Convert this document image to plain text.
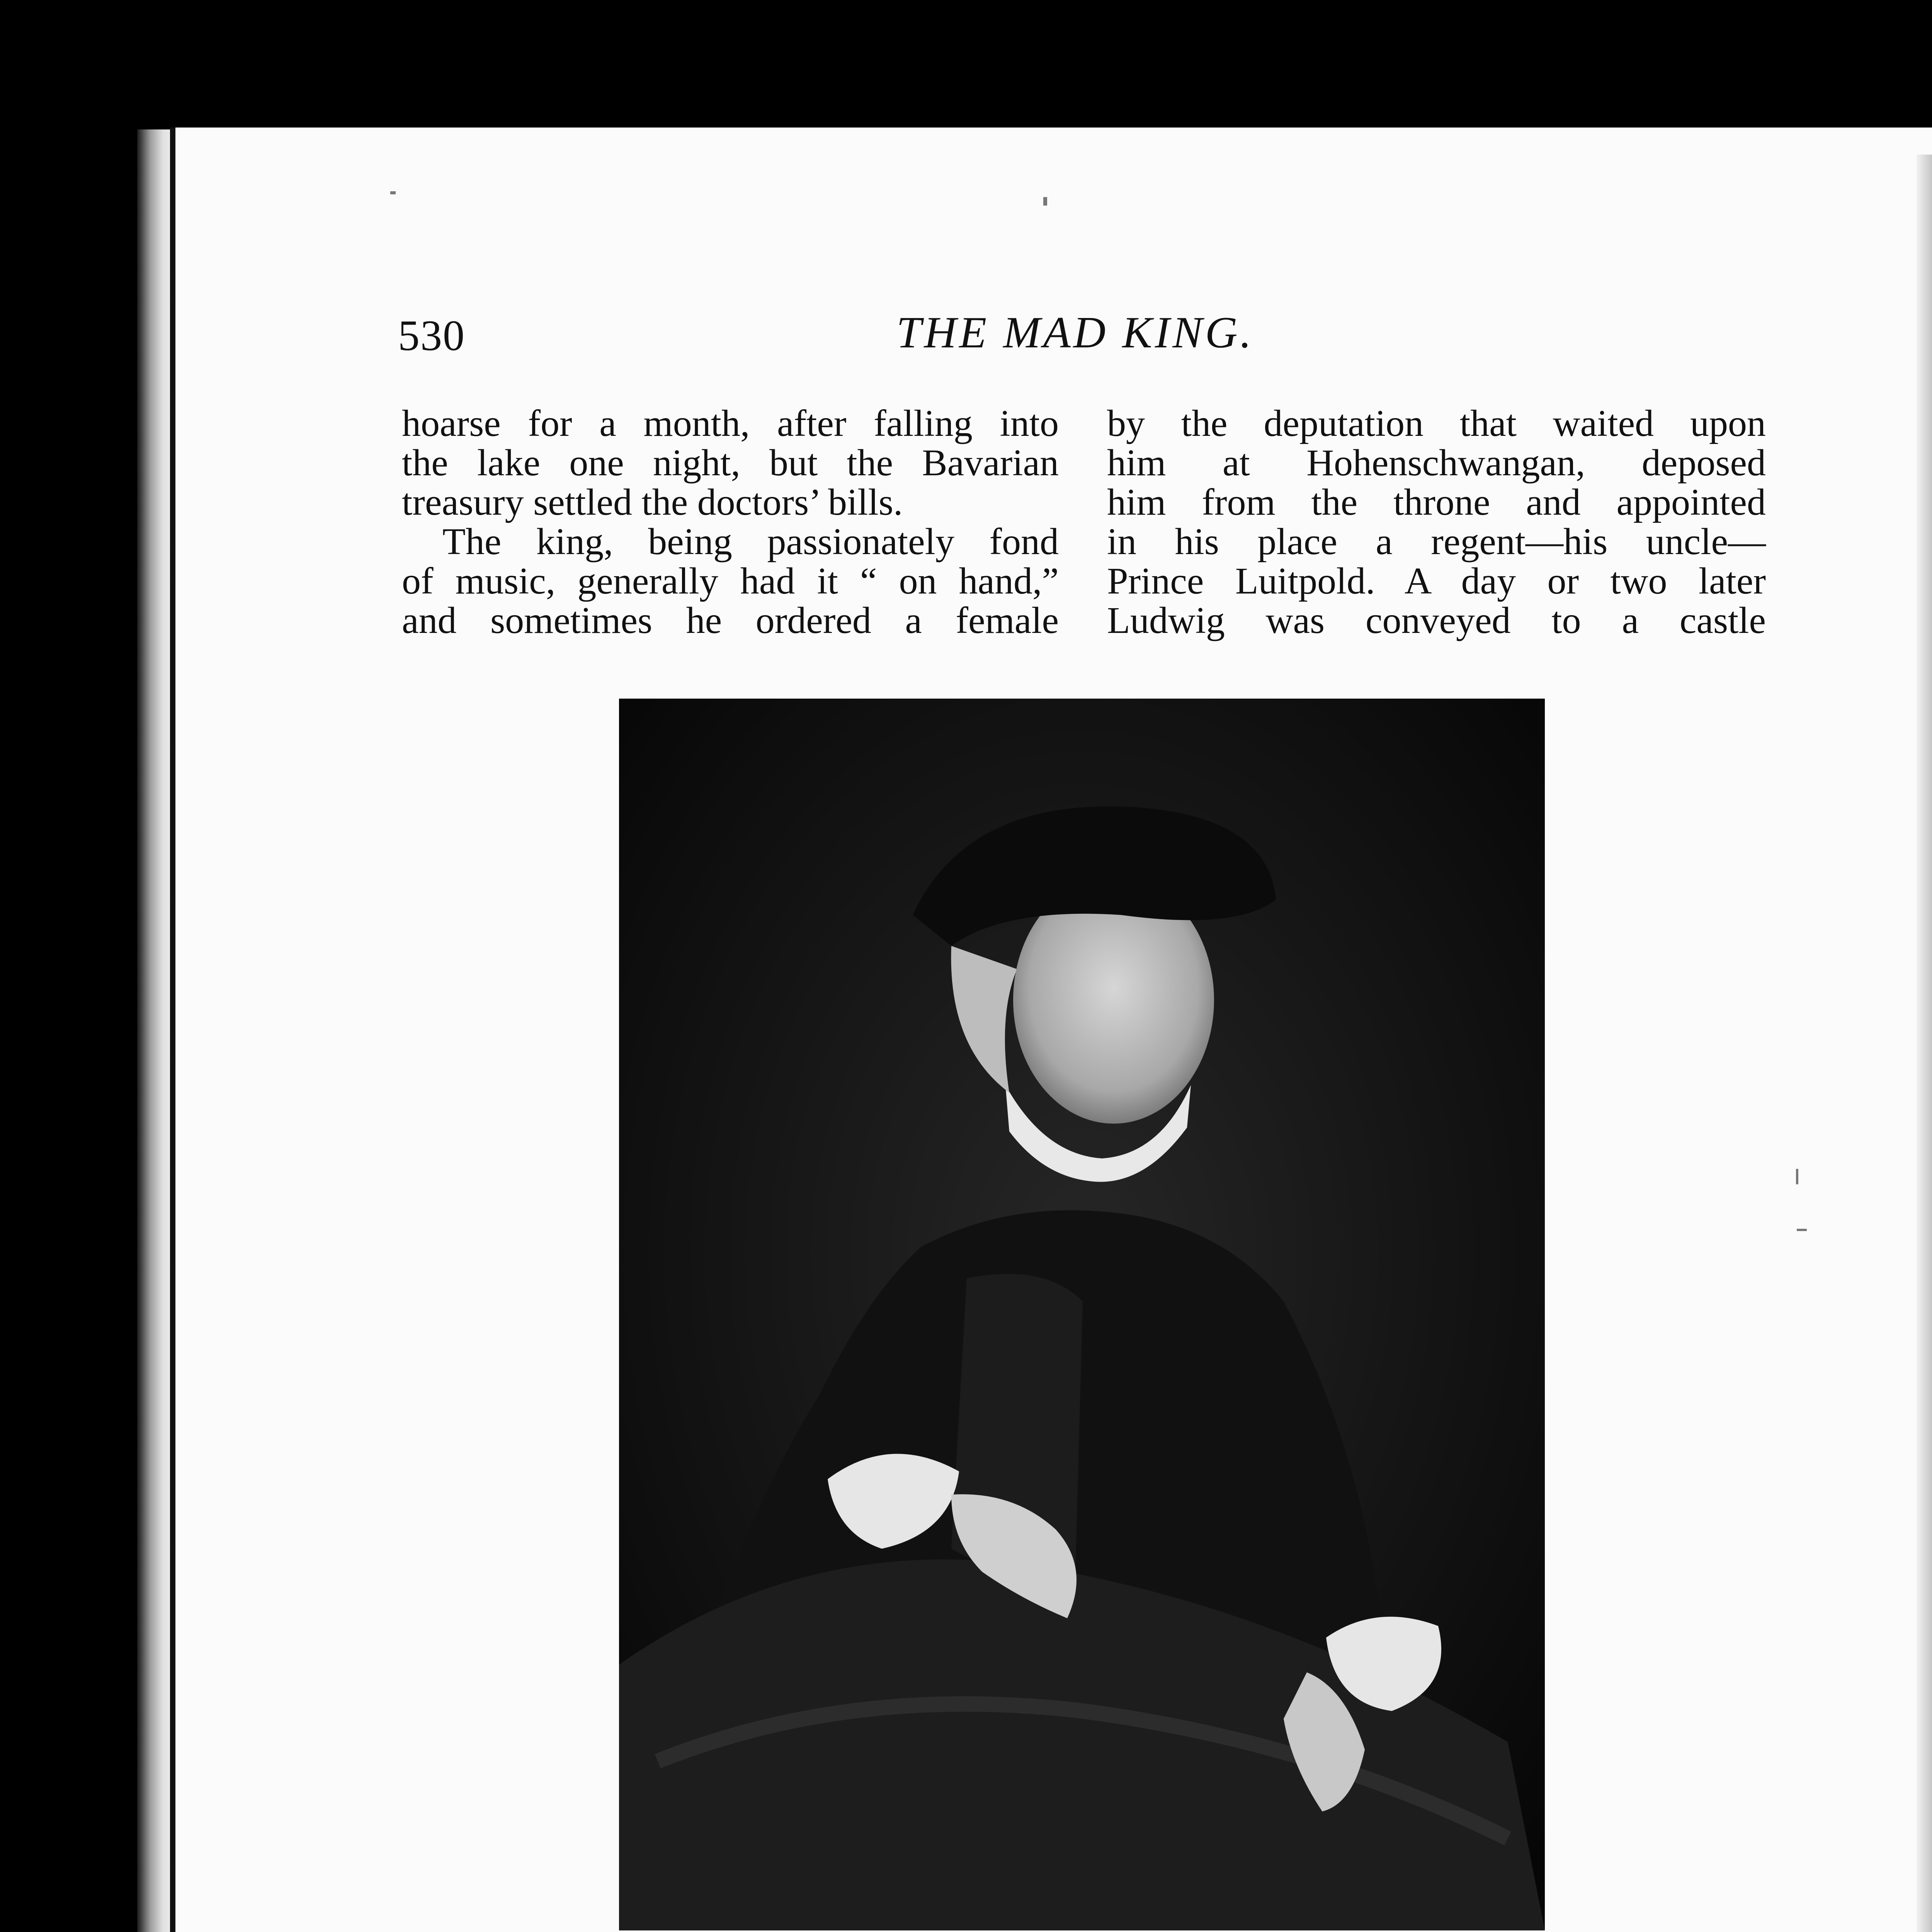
530	THE MAD KING.

hoarse for a month, after falling into

the lake one night, but the Bavarian

treasury settled the doctors’ bills.

The king, being passionately fond

of music, generally had it “ on hand,”

and sometimes he ordered a female

by the deputation that waited upon

him at Hohenschwangan, deposed

him from the throne and appointed

in his place a regent—his uncle—

Prince Luitpold. A day or two later

Ludwig was conveyed to a castle
